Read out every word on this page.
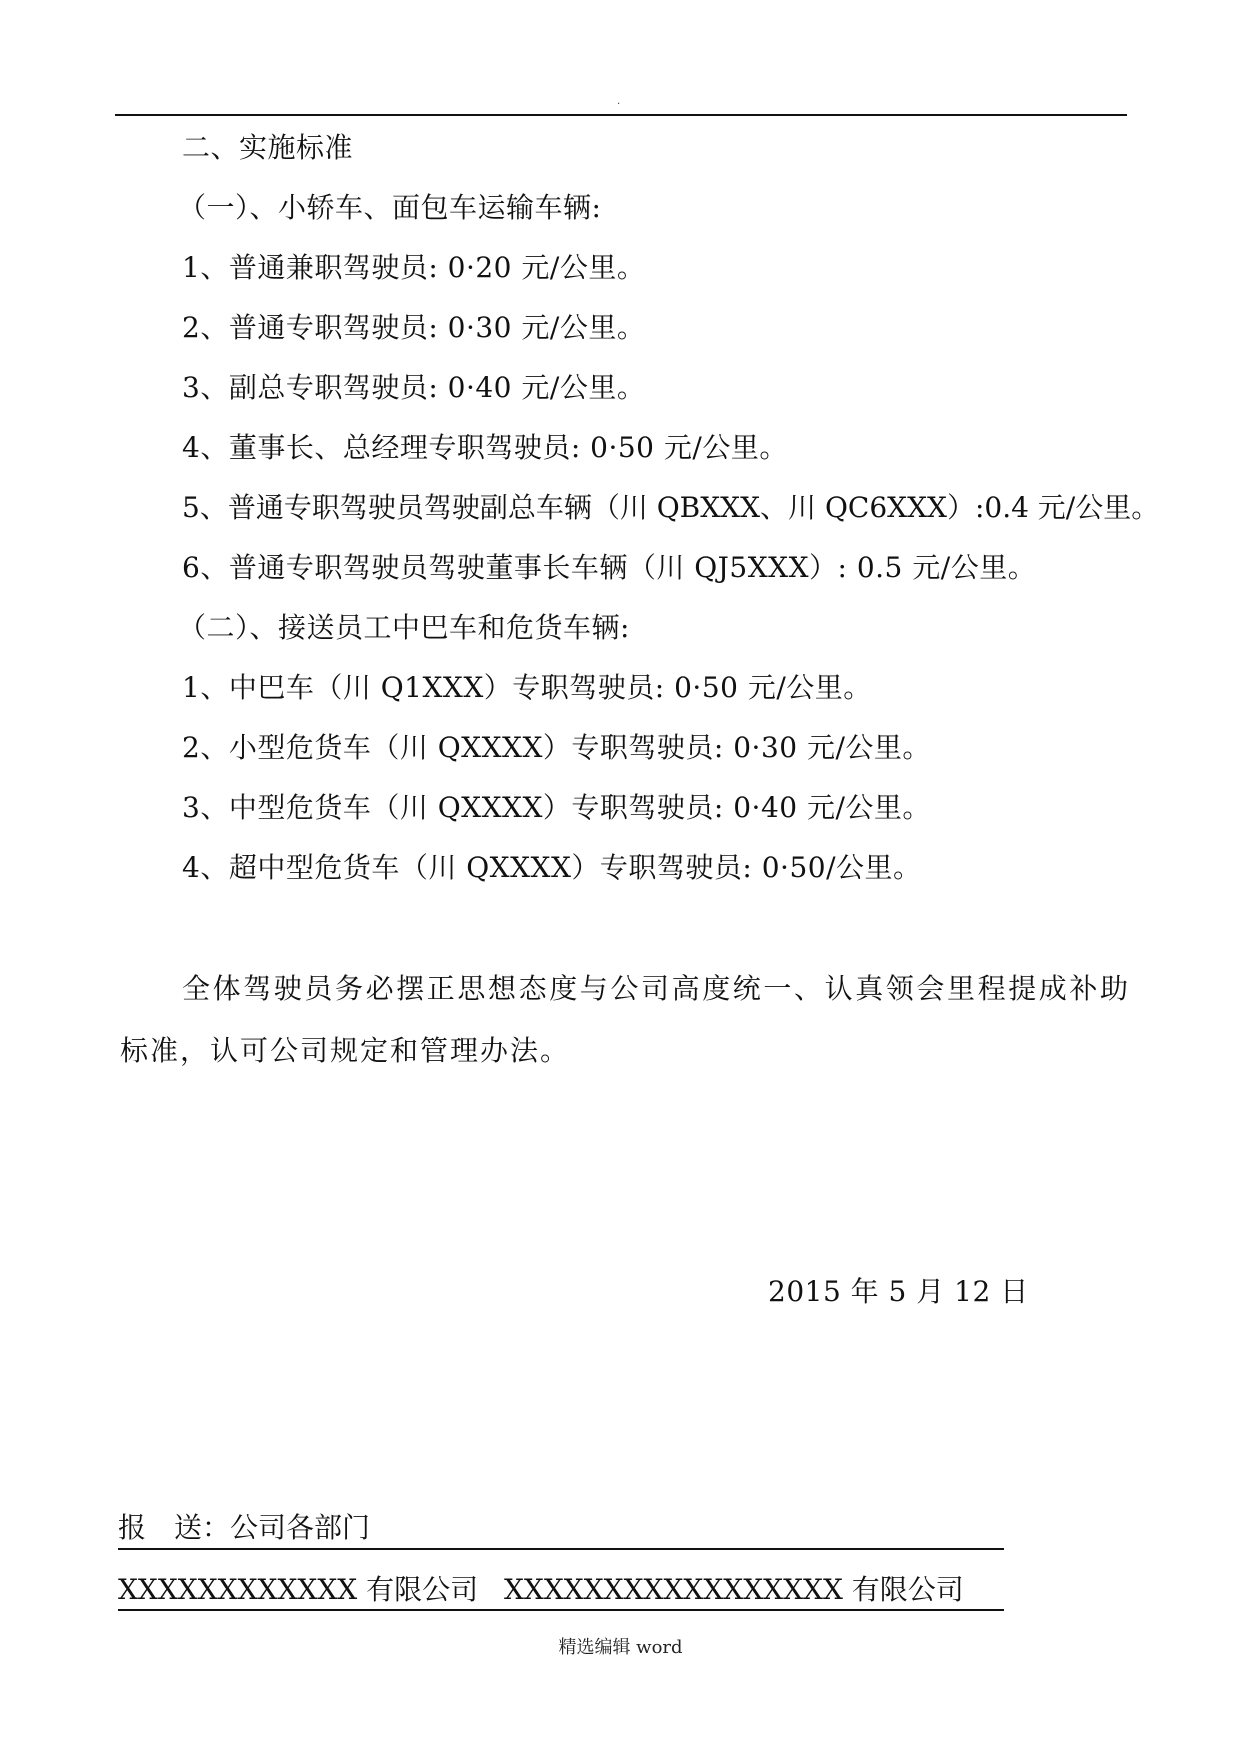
.
二、实施标准
（一）、小轿车、面包车运输车辆:
1、普通兼职驾驶员: 0·20 元/公里。
2、普通专职驾驶员: 0·30 元/公里。
3、副总专职驾驶员: 0·40 元/公里。
4、董事长、总经理专职驾驶员: 0·50 元/公里。
5、普通专职驾驶员驾驶副总车辆（川 QBXXX、川 QC6XXX）:0.4 元/公里。
6、普通专职驾驶员驾驶董事长车辆（川 QJ5XXX）: 0.5 元/公里。
（二）、接送员工中巴车和危货车辆:
1、中巴车（川 Q1XXX）专职驾驶员: 0·50 元/公里。
2、小型危货车（川 QXXXX）专职驾驶员: 0·30 元/公里。
3、中型危货车（川 QXXXX）专职驾驶员: 0·40 元/公里。
4、超中型危货车（川 QXXXX）专职驾驶员: 0·50/公里。
全体驾驶员务必摆正思想态度与公司高度统一、认真领会里程提成补助标准，认可公司规定和管理办法。
2015 年 5 月 12 日
报　送：公司各部门
XXXXXXXXXXXX 有限公司 XXXXXXXXXXXXXXXXX 有限公司
精选编辑 word
